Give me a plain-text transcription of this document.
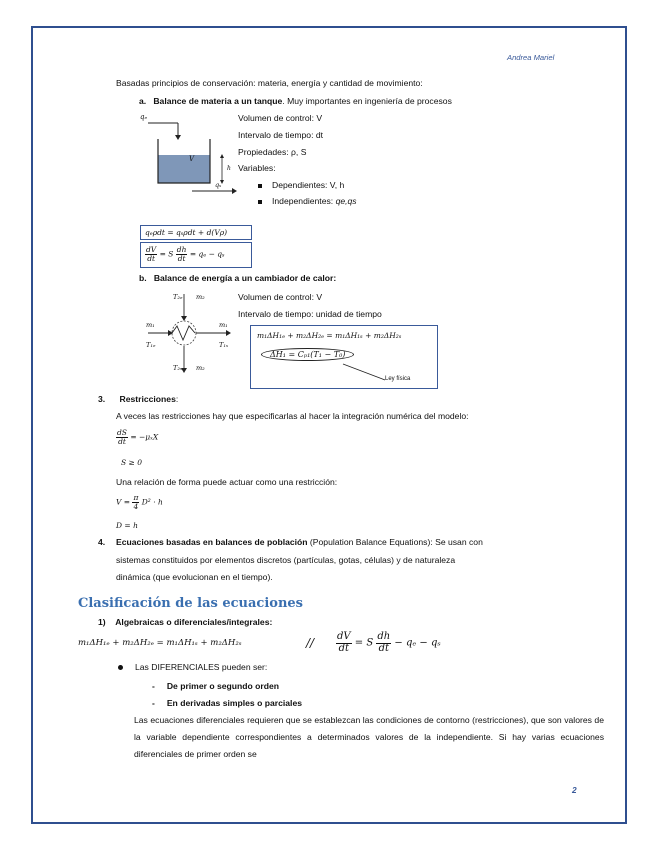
Andrea Mariel
Basadas principios de conservación: materia, energía y cantidad de movimiento:
a. Balance de materia a un tanque. Muy importantes en ingeniería de procesos
qₑ
V
h
qₛ
Volumen de control: V
Intervalo de tiempo: dt
Propiedades: ρ, S
Variables:
Dependientes: V, h
Independientes: qe,qs
qₑρdt = qₛρdt + d(Vρ)
$\frac{dV}{dt} = S \frac{dh}{dt} = q_e - q_s$
b. Balance de energía a un cambiador de calor:
T₂ₑ m₂
m₁
T₁ₑ
m₁
T₁ₛ
T₂ₛ m₂
Volumen de control: V
Intervalo de tiempo: unidad de tiempo
m₁ΔH₁ₑ + m₂ΔH₂ₑ = m₁ΔH₁ₛ + m₂ΔH₂ₛ
ΔH₁ = Cₚ₁(T₁ − T₀)
Ley física
3. Restricciones:
A veces las restricciones hay que especificarlas al hacer la integración numérica del modelo:
$\frac{dS}{dt} = -\mu_xX$
S ≥ 0
Una relación de forma puede actuar como una restricción:
$V = \frac{\pi}{4} D^2 \cdot h$
D = h
4. Ecuaciones basadas en balances de población (Population Balance Equations): Se usan con
sistemas constituidos por elementos discretos (partículas, gotas, células) y de naturaleza
dinámica (que evolucionan en el tiempo).
Clasificación de las ecuaciones
1) Algebraicas o diferenciales/integrales:
m₁ΔH₁ₑ + m₂ΔH₂ₑ = m₁ΔH₁ₛ + m₂ΔH₂ₛ	// $\frac{dV}{dt} = S \frac{dh}{dt} - q_e - q_s$
Las DIFERENCIALES pueden ser:
- De primer o segundo orden
- En derivadas simples o parciales
Las ecuaciones diferenciales requieren que se establezcan las condiciones de contorno (restricciones), que son valores de la variable dependiente correspondientes a determinados valores de la independiente. Si hay varias ecuaciones diferenciales de primer orden se
2
